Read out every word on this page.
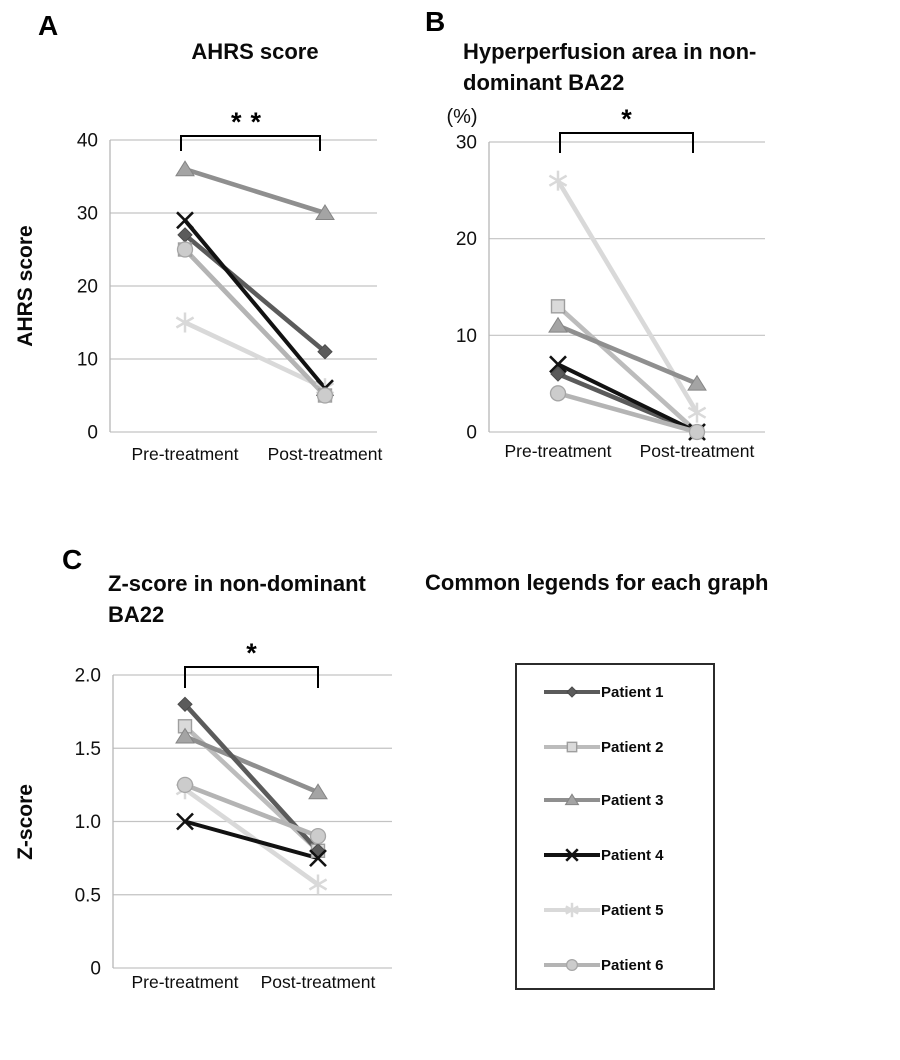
A
AHRS score
0
10
20
30
40
AHRS score
**
Pre-treatment Post-treatment
B
Hyperperfusion area in non-
dominant BA22
0
10
20
30
(%)	*
Pre-treatment Post-treatment
C
Z-score in non-dominant
BA22
0
0.5
1.0
1.5
2.0
Z-score
*
Pre-treatment Post-treatment
Common legends for each graph
Patient 1
Patient 2
Patient 3
Patient 4
Patient 5
Patient 6
